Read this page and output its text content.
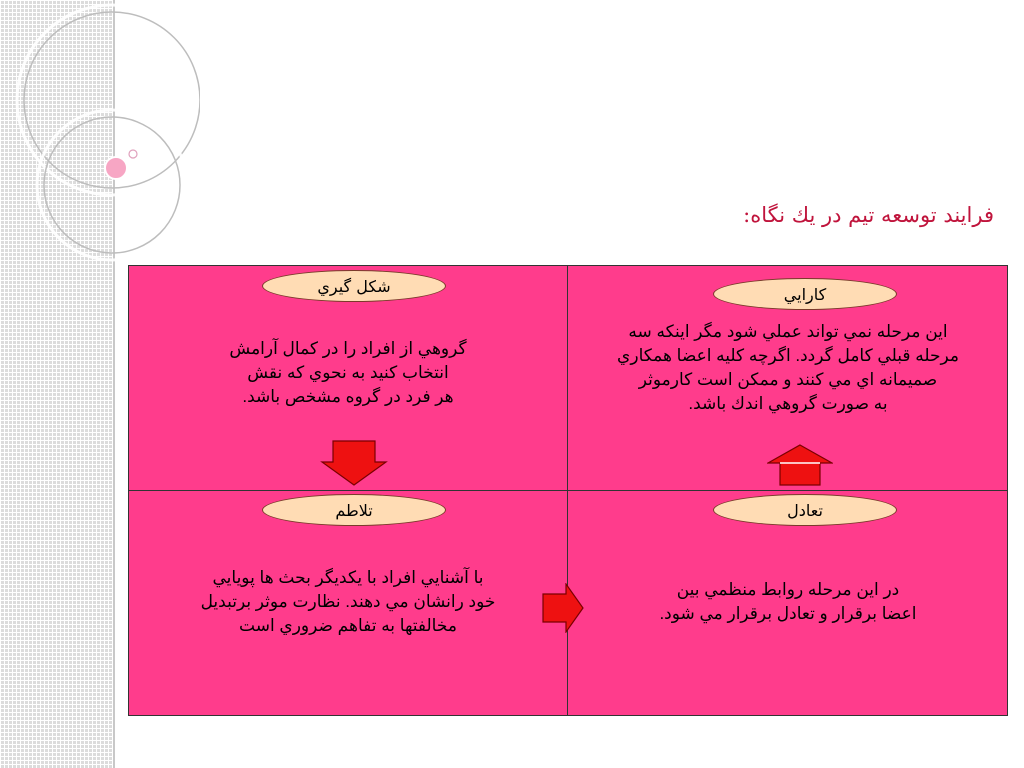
فرايند توسعه تيم در يك نگاه:
شكل گيري
گروهي از افراد را در كمال آرامش
انتخاب كنيد به نحوي كه نقش
هر فرد در گروه مشخص باشد.
كارايي
اين مرحله نمي تواند عملي شود مگر اينكه سه
مرحله قبلي كامل گردد. اگرچه كليه اعضا همكاري
صميمانه اي مي كنند و ممكن است كارموثر
به صورت گروهي اندك باشد.
تلاطم
با آشنايي افراد با يكديگر بحث ها پويايي
خود رانشان مي دهند. نظارت موثر برتبديل
مخالفتها به تفاهم ضروري است
تعادل
در اين مرحله روابط منظمي بين
اعضا برقرار و تعادل برقرار مي شود.
